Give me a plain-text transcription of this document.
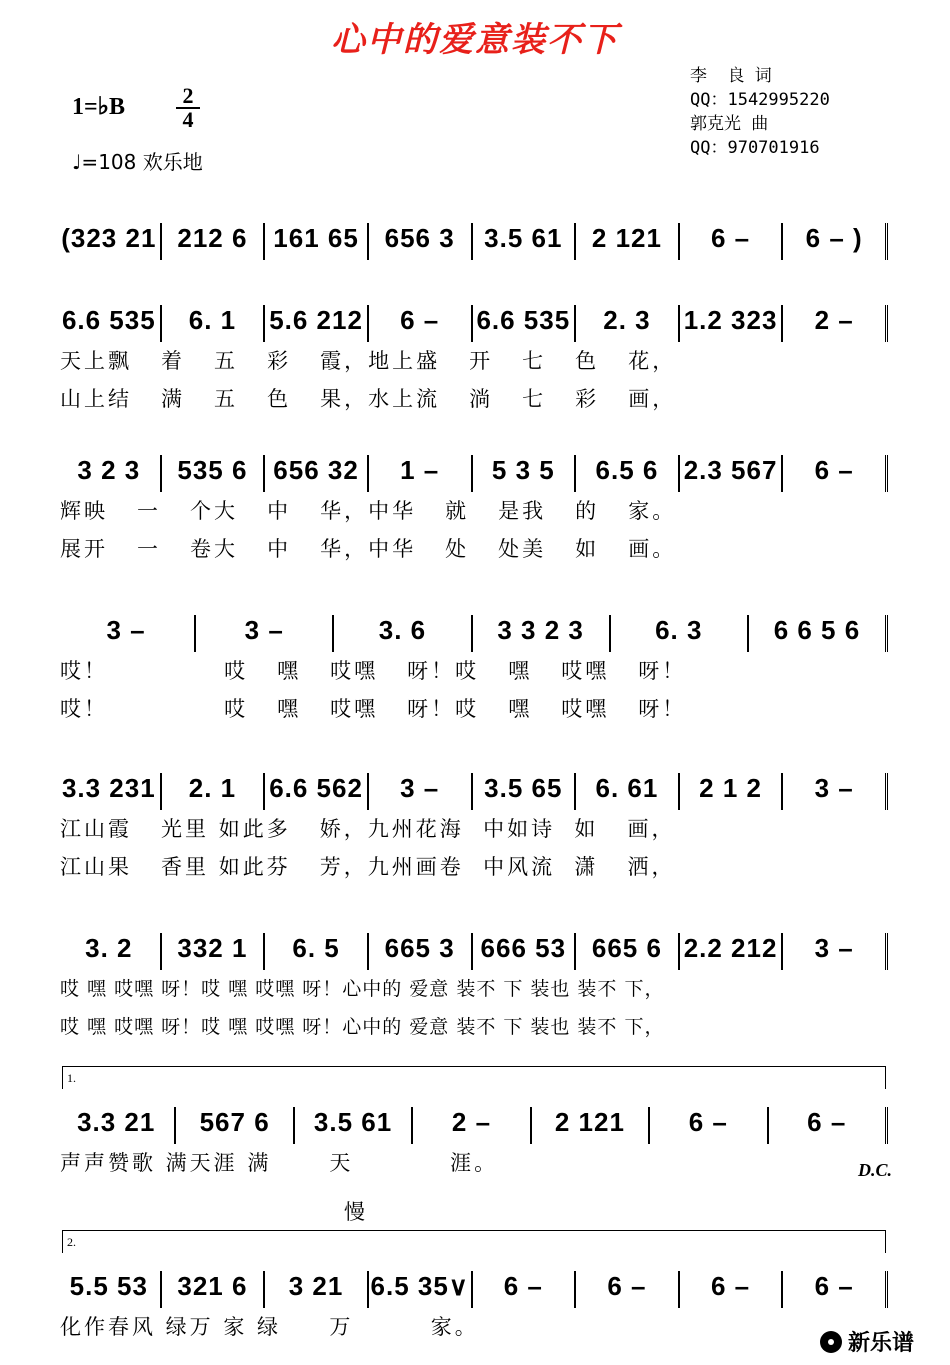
心中的爱意装不下
李  良 词
QQ：1542995220
郭克光 曲
QQ：970701916
1=♭B	2
4
♩=108 欢乐地
(323 21 212 6 161 65 656 3	3.5 61	2 121	6 –	6 – )
6.6 535	6. 1	5.6 212	6 –	6.6 535	2. 3	1.2 323	2 –
天上飘   着   五   彩   霞，地上盛   开   七   色   花，
山上结   满   五   色   果，水上流   淌   七   彩   画，
3 2 3	535 6 656 32	1 –	5 3 5	6.5 6 2.3 567	6 –
辉映   一   个大   中   华，中华   就   是我   的   家。
展开   一   卷大   中   华，中华   处   处美   如   画。
3 –	3 –	3. 6	3 3 2 3	6. 3	6 6 5 6
哎！            哎   嘿   哎嘿   呀！哎   嘿   哎嘿   呀！
哎！            哎   嘿   哎嘿   呀！哎   嘿   哎嘿   呀！
3.3 231	2. 1	6.6 562	3 –	3.5 65	6. 61	2 1 2	3 –
江山霞   光里 如此多   娇，九州花海  中如诗  如   画，
江山果   香里 如此芬   芳，九州画卷  中风流  潇   洒，
3. 2	332 1	6. 5	665 3 666 53 665 6 2.2 212	3 –
哎 嘿 哎嘿 呀！哎 嘿 哎嘿 呀！心中的 爱意 装不 下 装也 装不 下，
哎 嘿 哎嘿 呀！哎 嘿 哎嘿 呀！心中的 爱意 装不 下 装也 装不 下，
1.
3.3 21	567 6	3.5 61	2 –	2 121	6 –	6 –
声声赞歌 满天涯 满      天          涯。	D.C.
慢
2.
5.5 53	321 6	3 21	6.5 35∨	6 –	6 –	6 –	6 –
化作春风 绿万 家 绿     万        家。
新乐谱
